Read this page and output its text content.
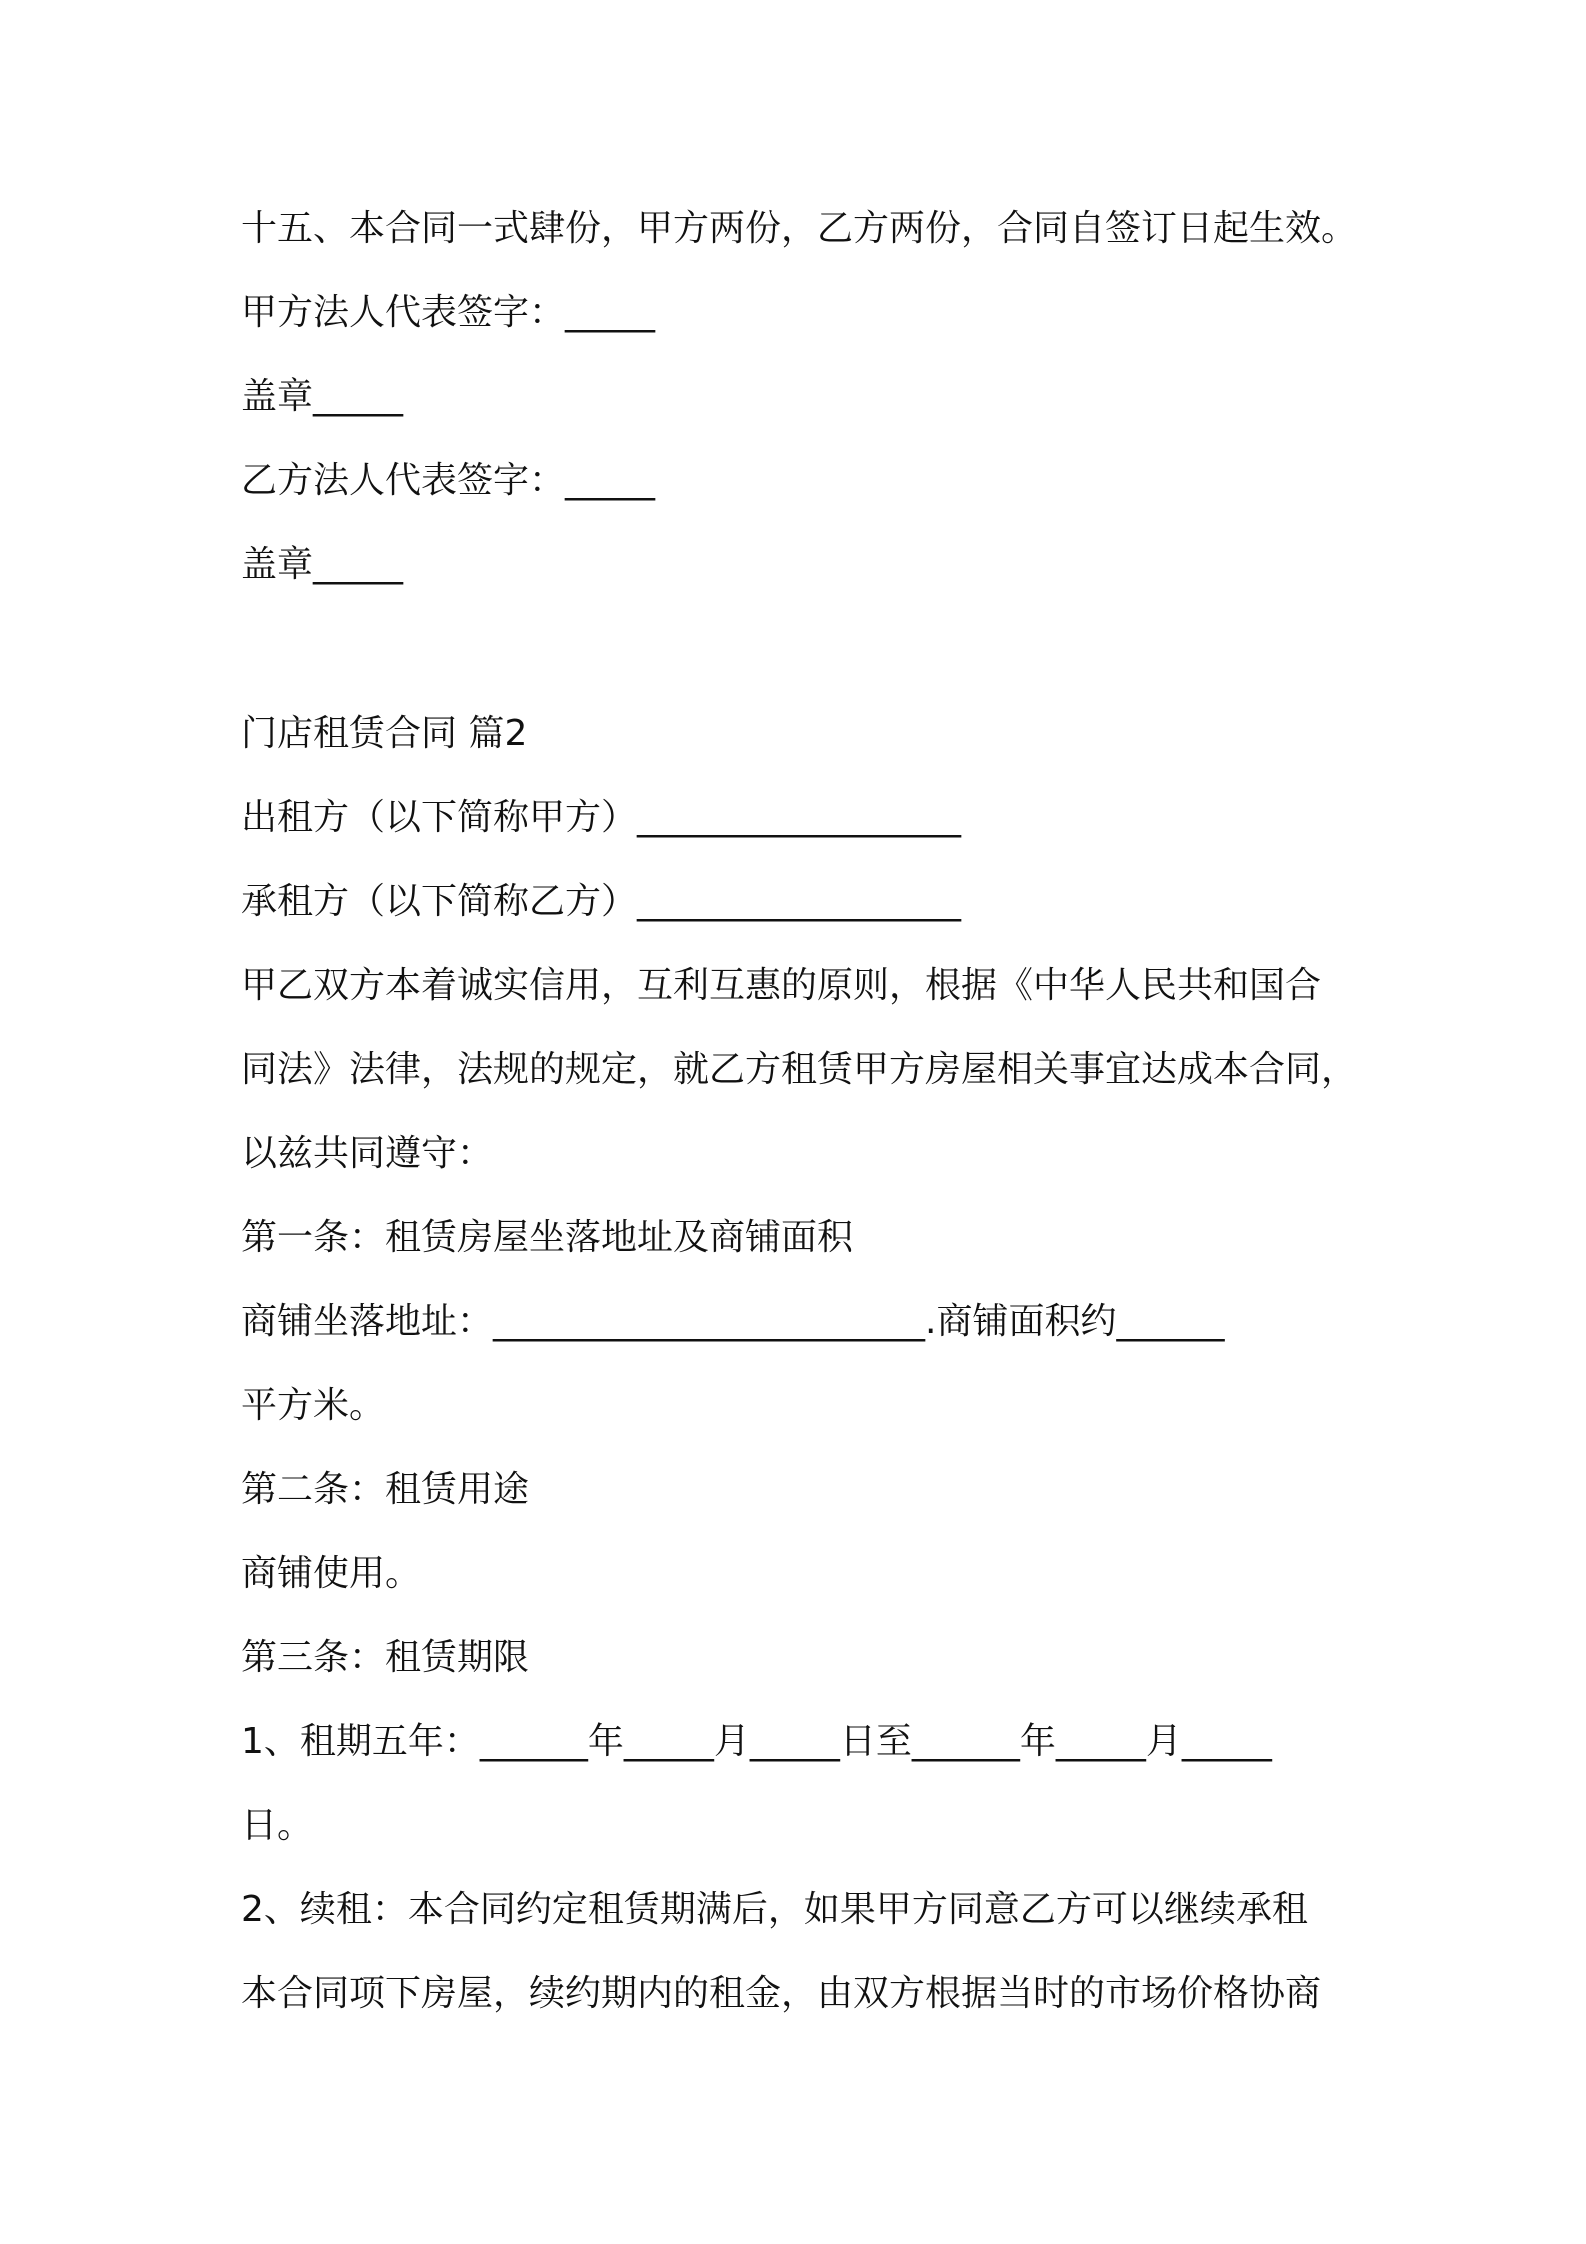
十五、本合同一式肆份，甲方两份，乙方两份，合同自签订日起生效。
甲方法人代表签字：_____
盖章_____
乙方法人代表签字：_____
盖章_____
门店租赁合同 篇2
出租方（以下简称甲方）__________________
承租方（以下简称乙方）__________________
甲乙双方本着诚实信用，互利互惠的原则，根据《中华人民共和国合
同法》法律，法规的规定，就乙方租赁甲方房屋相关事宜达成本合同，
以兹共同遵守：
第一条：租赁房屋坐落地址及商铺面积
商铺坐落地址：________________________.商铺面积约______
平方米。
第二条：租赁用途
商铺使用。
第三条：租赁期限
1、租期五年：______年_____月_____日至______年_____月_____
日。
2、续租：本合同约定租赁期满后，如果甲方同意乙方可以继续承租
本合同项下房屋，续约期内的租金，由双方根据当时的市场价格协商
